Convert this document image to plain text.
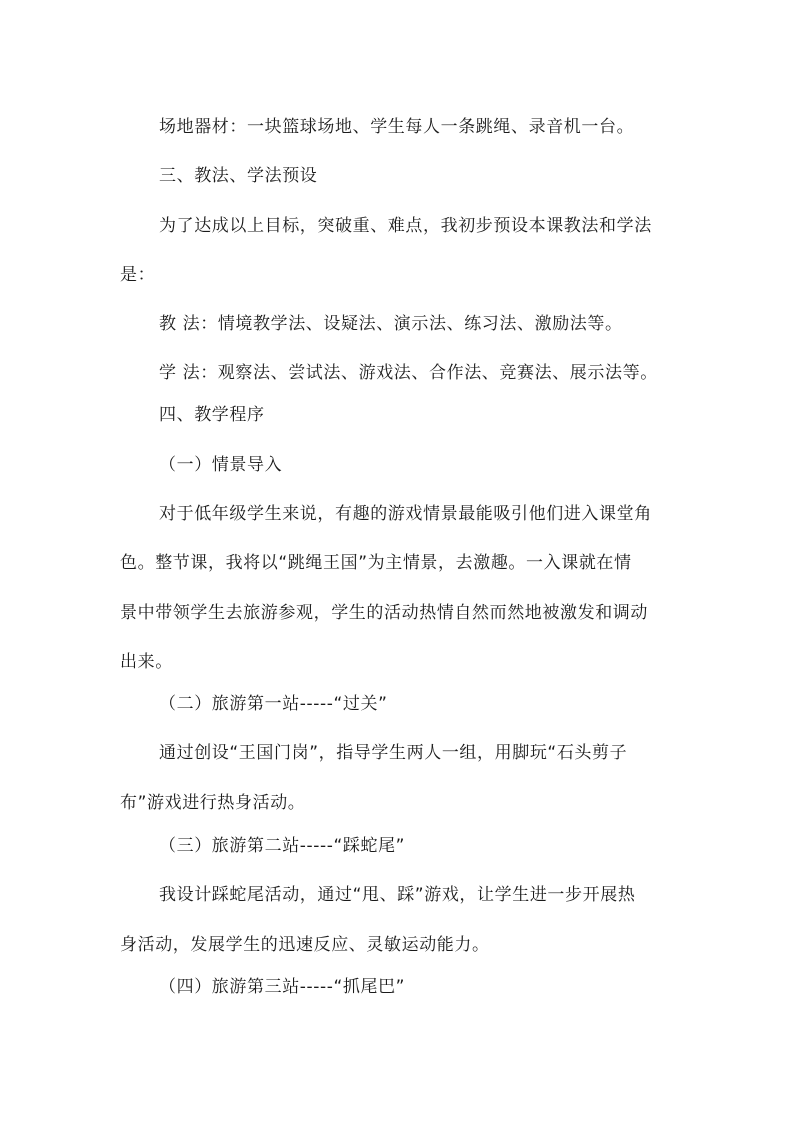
场地器材：一块篮球场地、学生每人一条跳绳、录音机一台。

三、教法、学法预设

为了达成以上目标，突破重、难点，我初步预设本课教法和学法

是：

教 法：情境教学法、设疑法、演示法、练习法、激励法等。

学 法：观察法、尝试法、游戏法、合作法、竞赛法、展示法等。

四、教学程序

（一）情景导入

对于低年级学生来说，有趣的游戏情景最能吸引他们进入课堂角

色。整节课，我将以“跳绳王国”为主情景，去激趣。一入课就在情

景中带领学生去旅游参观，学生的活动热情自然而然地被激发和调动

出来。

（二）旅游第一站-----“过关”

通过创设“王国门岗”，指导学生两人一组，用脚玩“石头剪子

布”游戏进行热身活动。

（三）旅游第二站-----“踩蛇尾”

我设计踩蛇尾活动，通过“甩、踩”游戏，让学生进一步开展热

身活动，发展学生的迅速反应、灵敏运动能力。

（四）旅游第三站-----“抓尾巴”
